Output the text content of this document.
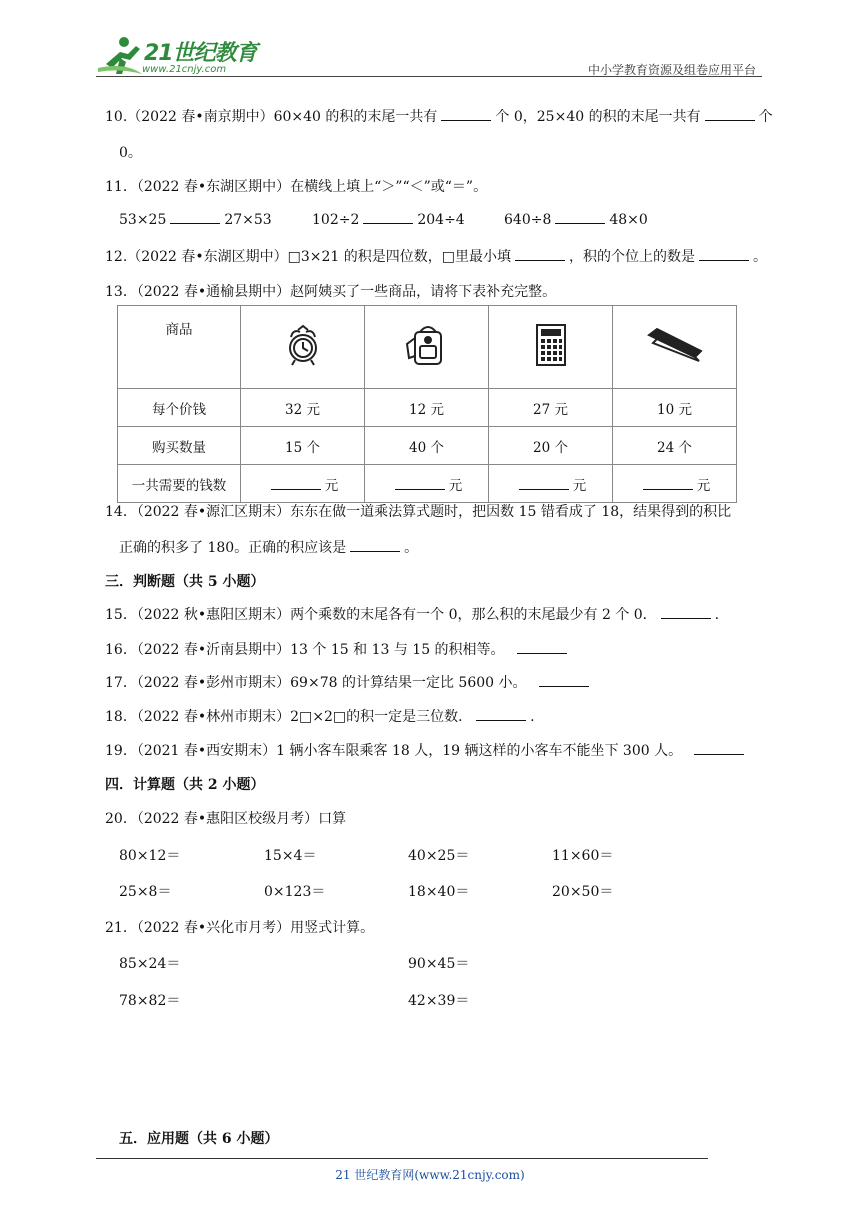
21世纪教育
www.21cnjy.com	中小学教育资源及组卷应用平台
10.（2022 春•南京期中）60×40 的积的末尾一共有	个 0，25×40 的积的末尾一共有	个
0。
11．（2022 春•东湖区期中）在横线上填上“＞”“＜”或“＝”。
53×25	27×53	102÷2	204÷4	640÷8	48×0
12.（2022 春•东湖区期中）□3×21 的积是四位数，□里最小填	，积的个位上的数是	。
13．（2022 春•通榆县期中）赵阿姨买了一些商品，请将下表补充完整。
商品				
每个价钱	32 元	12 元	27 元	10 元
购买数量	15 个	40 个	20 个	24 个
一共需要的钱数	元	元	元	元
14．（2022 春•源汇区期末）东东在做一道乘法算式题时，把因数 15 错看成了 18，结果得到的积比
正确的积多了 180。正确的积应该是	。
三．判断题（共 5 小题）
15．（2022 秋•惠阳区期末）两个乘数的末尾各有一个 0，那么积的末尾最少有 2 个 0．	.
16．（2022 春•沂南县期中）13 个 15 和 13 与 15 的积相等。
17．（2022 春•彭州市期末）69×78 的计算结果一定比 5600 小。
18．（2022 春•林州市期末）2□×2□的积一定是三位数．	.
19．（2021 春•西安期末）1 辆小客车限乘客 18 人，19 辆这样的小客车不能坐下 300 人。
四．计算题（共 2 小题）
20．（2022 春•惠阳区校级月考）口算
80×12＝	15×4＝	40×25＝	11×60＝
25×8＝	0×123＝	18×40＝	20×50＝
21．（2022 春•兴化市月考）用竖式计算。
85×24＝	90×45＝
78×82＝	42×39＝
五．应用题（共 6 小题）
21 世纪教育网(www.21cnjy.com)
